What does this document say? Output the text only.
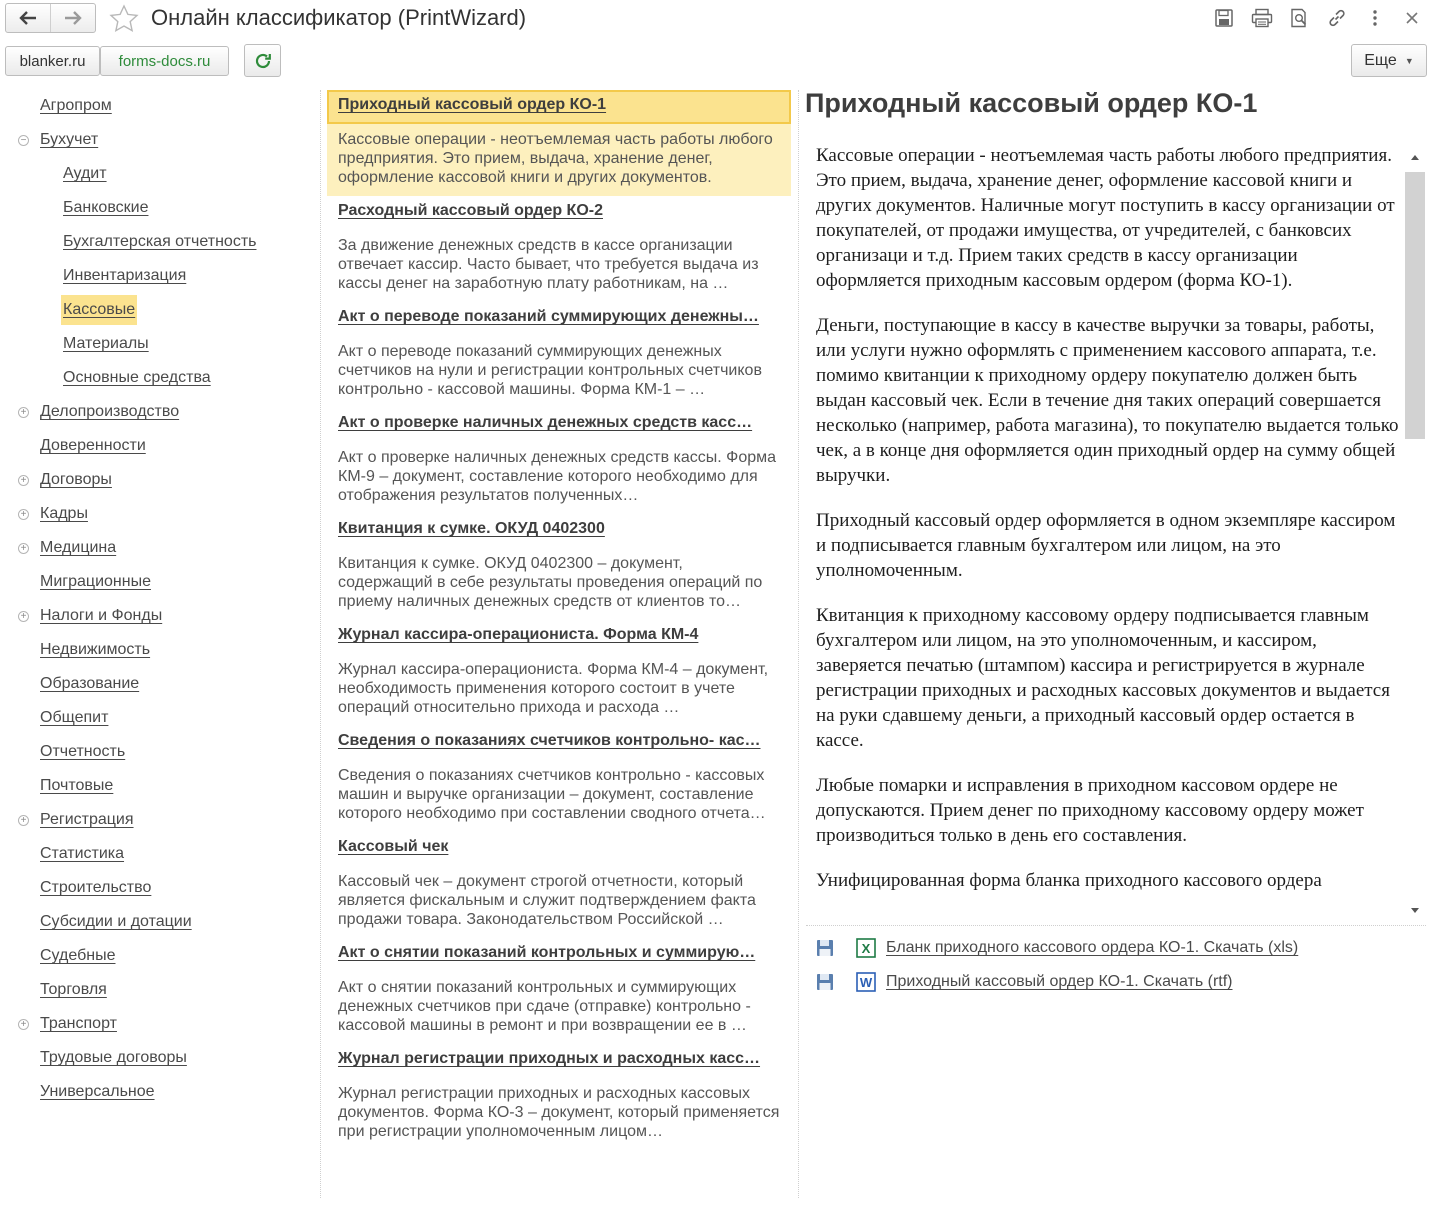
Онлайн классификатор (PrintWizard)
blanker.ru	forms-docs.ru	Еще ▼
Агропром
− Бухучет
Аудит
Банковские
Бухгалтерская отчетность
Инвентаризация
Кассовые
Материалы
Основные средства
+ Делопроизводство
Доверенности
+ Договоры
+ Кадры
+ Медицина
Миграционные
+ Налоги и Фонды
Недвижимость
Образование
Общепит
Отчетность
Почтовые
+ Регистрация
Статистика
Строительство
Субсидии и дотации
Судебные
Торговля
+ Транспорт
Трудовые договоры
Универсальное
Приходный кассовый ордер КО-1
Кассовые операции - неотъемлемая часть работы любого предприятия. Это прием, выдача, хранение денег, оформление кассовой книги и других документов.
Расходный кассовый ордер КО-2
За движение денежных средств в кассе организации отвечает кассир. Часто бывает, что требуется выдача из кассы денег на заработную плату работникам, на …
Акт о переводе показаний суммирующих денежны…
Акт о переводе показаний суммирующих денежных счетчиков на нули и регистрации контрольных счетчиков контрольно - кассовой машины. Форма КМ-1 – …
Акт о проверке наличных денежных средств касс…
Акт о проверке наличных денежных средств кассы. Форма КМ-9 – документ, составление которого необходимо для отображения результатов полученных…
Квитанция к сумке. ОКУД 0402300
Квитанция к сумке. ОКУД 0402300 – документ, содержащий в себе результаты проведения операций по приему наличных денежных средств от клиентов то…
Журнал кассира-операциониста. Форма КМ-4
Журнал кассира-операциониста. Форма КМ-4 – документ, необходимость применения которого состоит в учете операций относительно прихода и расхода …
Сведения о показаниях счетчиков контрольно- кас…
Сведения о показаниях счетчиков контрольно - кассовых машин и выручке организации – документ, составление которого необходимо при составлении сводного отчета…
Кассовый чек
Кассовый чек – документ строгой отчетности, который является фискальным и служит подтверждением факта продажи товара. Законодательством Российской …
Акт о снятии показаний контрольных и суммирую…
Акт о снятии показаний контрольных и суммирующих денежных счетчиков при сдаче (отправке) контрольно - кассовой машины в ремонт и при возвращении ее в …
Журнал регистрации приходных и расходных касс…
Журнал регистрации приходных и расходных кассовых документов. Форма КО-3 – документ, который применяется при регистрации уполномоченным лицом…
Приходный кассовый ордер КО-1

Кассовые операции - неотъемлемая часть работы любого предприятия. Это прием, выдача, хранение денег, оформление кассовой книги и других документов. Наличные могут поступить в кассу организации от покупателей, от продажи имущества, от учредителей, с банковсих организаци и т.д. Прием таких средств в кассу организации оформляется приходным кассовым ордером (форма КО-1).

Деньги, поступающие в кассу в качестве выручки за товары, работы, или услуги нужно оформлять с применением кассового аппарата, т.е. помимо квитанции к приходному ордеру покупателю должен быть выдан кассовый чек. Если в течение дня таких операций совершается несколько (например, работа магазина), то покупателю выдается только чек, а в конце дня оформляется один приходный ордер на сумму общей выручки.

Приходный кассовый ордер оформляется в одном экземпляре кассиром и подписывается главным бухгалтером или лицом, на это уполномоченным.

Квитанция к приходному кассовому ордеру подписывается главным бухгалтером или лицом, на это уполномоченным, и кассиром, заверяется печатью (штампом) кассира и регистрируется в журнале регистрации приходных и расходных кассовых документов и выдается на руки сдавшему деньги, а приходный кассовый ордер остается в кассе.

Любые помарки и исправления в приходном кассовом ордере не допускаются. Прием денег по приходному кассовому ордеру может производиться только в день его составления.

Унифицированная форма бланка приходного кассового ордера

X Бланк приходного кассового ордера КО-1. Скачать (xls)
W Приходный кассовый ордер КО-1. Скачать (rtf)
